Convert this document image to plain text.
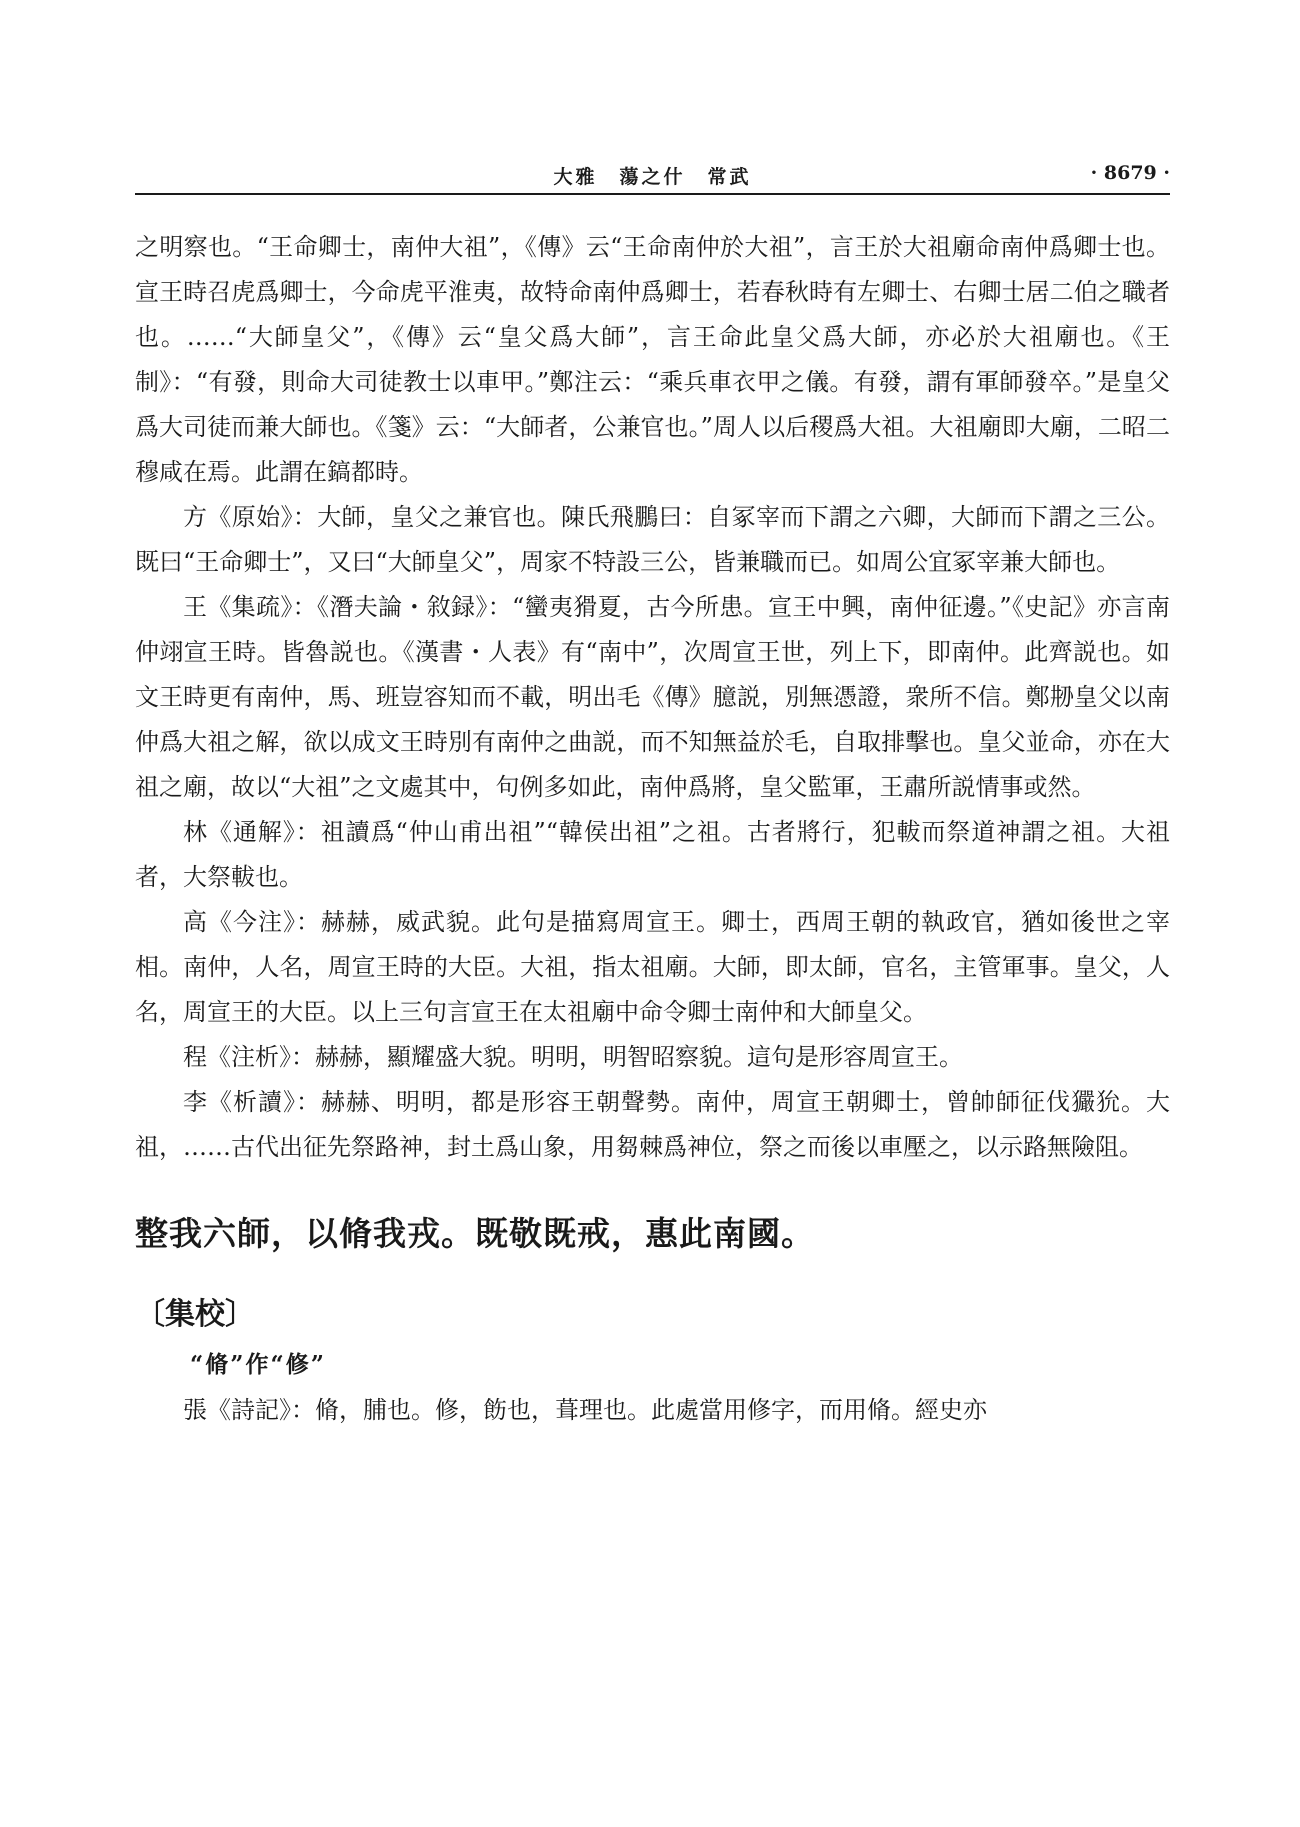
大雅　蕩之什　常武	· 8679 ·

之明察也。“王命卿士，南仲大祖”，《傳》云“王命南仲於大祖”，言王於大祖廟命南仲爲卿士也。宣王時召虎爲卿士，今命虎平淮夷，故特命南仲爲卿士，若春秋時有左卿士、右卿士居二伯之職者也。……“大師皇父”，《傳》云“皇父爲大師”，言王命此皇父爲大師，亦必於大祖廟也。《王制》：“有發，則命大司徒教士以車甲。”鄭注云：“乘兵車衣甲之儀。有發，謂有軍師發卒。”是皇父爲大司徒而兼大師也。《箋》云：“大師者，公兼官也。”周人以后稷爲大祖。大祖廟即大廟，二昭二穆咸在焉。此謂在鎬都時。

方《原始》：大師，皇父之兼官也。陳氏飛鵬曰：自冢宰而下謂之六卿，大師而下謂之三公。既曰“王命卿士”，又曰“大師皇父”，周家不特設三公，皆兼職而已。如周公宜冢宰兼大師也。

王《集疏》：《潛夫論・敘録》：“蠻夷猾夏，古今所患。宣王中興，南仲征邊。”《史記》亦言南仲翊宣王時。皆魯説也。《漢書・人表》有“南中”，次周宣王世，列上下，即南仲。此齊説也。如文王時更有南仲，馬、班豈容知而不載，明出毛《傳》臆説，別無憑證，衆所不信。鄭刱皇父以南仲爲大祖之解，欲以成文王時別有南仲之曲説，而不知無益於毛，自取排擊也。皇父並命，亦在大祖之廟，故以“大祖”之文處其中，句例多如此，南仲爲將，皇父監軍，王肅所説情事或然。

林《通解》：祖讀爲“仲山甫出祖”“韓侯出祖”之祖。古者將行，犯軷而祭道神謂之祖。大祖者，大祭軷也。

高《今注》：赫赫，威武貌。此句是描寫周宣王。卿士，西周王朝的執政官，猶如後世之宰相。南仲，人名，周宣王時的大臣。大祖，指太祖廟。大師，即太師，官名，主管軍事。皇父，人名，周宣王的大臣。以上三句言宣王在太祖廟中命令卿士南仲和大師皇父。

程《注析》：赫赫，顯耀盛大貌。明明，明智昭察貌。這句是形容周宣王。

李《析讀》：赫赫、明明，都是形容王朝聲勢。南仲，周宣王朝卿士，曾帥師征伐玁狁。大祖，……古代出征先祭路神，封土爲山象，用芻棘爲神位，祭之而後以車壓之，以示路無險阻。

整我六師，以脩我戎。既敬既戒，惠此南國。

〔集校〕

“脩”作“修”

張《詩記》：脩，脯也。修，飭也，葺理也。此處當用修字，而用脩。經史亦
